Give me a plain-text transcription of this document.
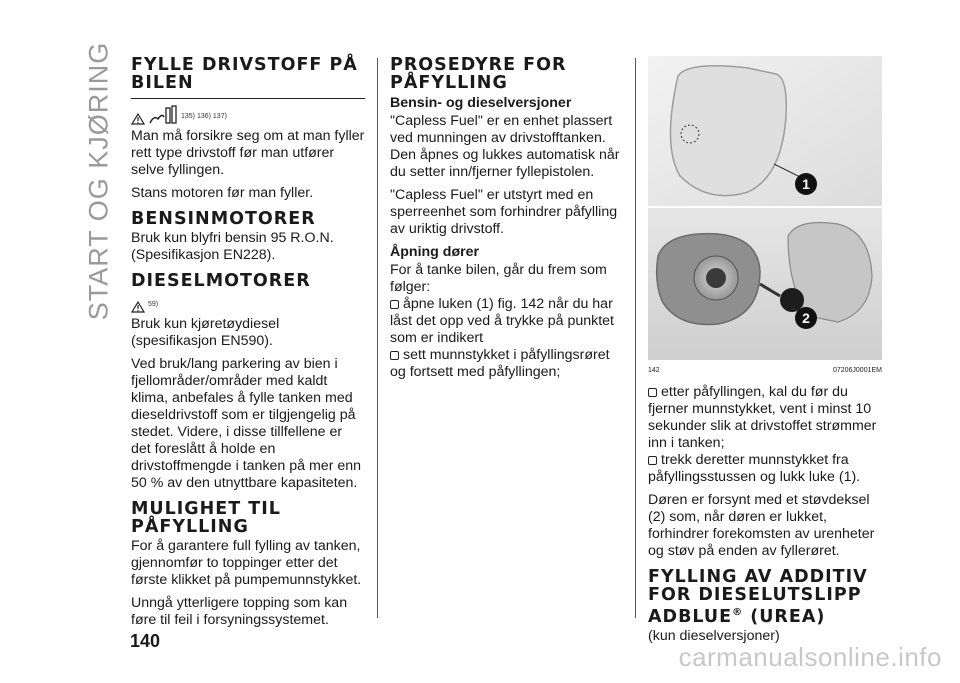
START OG KJØRING FYLLE DRIVSTOFF PÅ BILEN
135) 136) 137)

Man må forsikre seg om at man fyller rett type drivstoff før man utfører selve fyllingen.

Stans motoren før man fyller.

BENSINMOTORER

Bruk kun blyfri bensin 95 R.O.N. (Spesifikasjon EN228).

DIESELMOTORER
59)

Bruk kun kjøretøydiesel (spesifikasjon EN590).

Ved bruk/lang parkering av bien i fjellområder/områder med kaldt klima, anbefales å fylle tanken med dieseldrivstoff som er tilgjengelig på stedet. Videre, i disse tillfellene er det foreslått å holde en drivstoffmengde i tanken på mer enn 50 % av den utnyttbare kapasiteten.

MULIGHET TIL PÅFYLLING

For å garantere full fylling av tanken, gjennomfør to toppinger etter det første klikket på pumpemunnstykket.

Unngå ytterligere topping som kan føre til feil i forsyningssystemet.

PROSEDYRE FOR PÅFYLLING
Bensin- og dieselversjoner

"Capless Fuel" er en enhet plassert ved munningen av drivstofftanken. Den åpnes og lukkes automatisk når du setter inn/fjerner fyllepistolen.

"Capless Fuel" er utstyrt med en sperreenhet som forhindrer påfylling av uriktig drivstoff.

Åpning dører

For å tanke bilen, går du frem som følger:

åpne luken (1) fig. 142 når du har låst det opp ved å trykke på punktet som er indikert

sett munnstykket i påfyllingsrøret og fortsett med påfyllingen;

1
2
142	07206J0001EM

etter påfyllingen, kal du før du fjerner munnstykket, vent i minst 10 sekunder slik at drivstoffet strømmer inn i tanken;

trekk deretter munnstykket fra påfyllingsstussen og lukk luke (1).

Døren er forsynt med et støvdeksel (2) som, når døren er lukket, forhindrer forekomsten av urenheter og støv på enden av fyllerøret.

FYLLING AV ADDITIV FOR DIESELUTSLIPP ADBLUE® (UREA)

(kun dieselversjoner)

140
carmanualsonline.info
